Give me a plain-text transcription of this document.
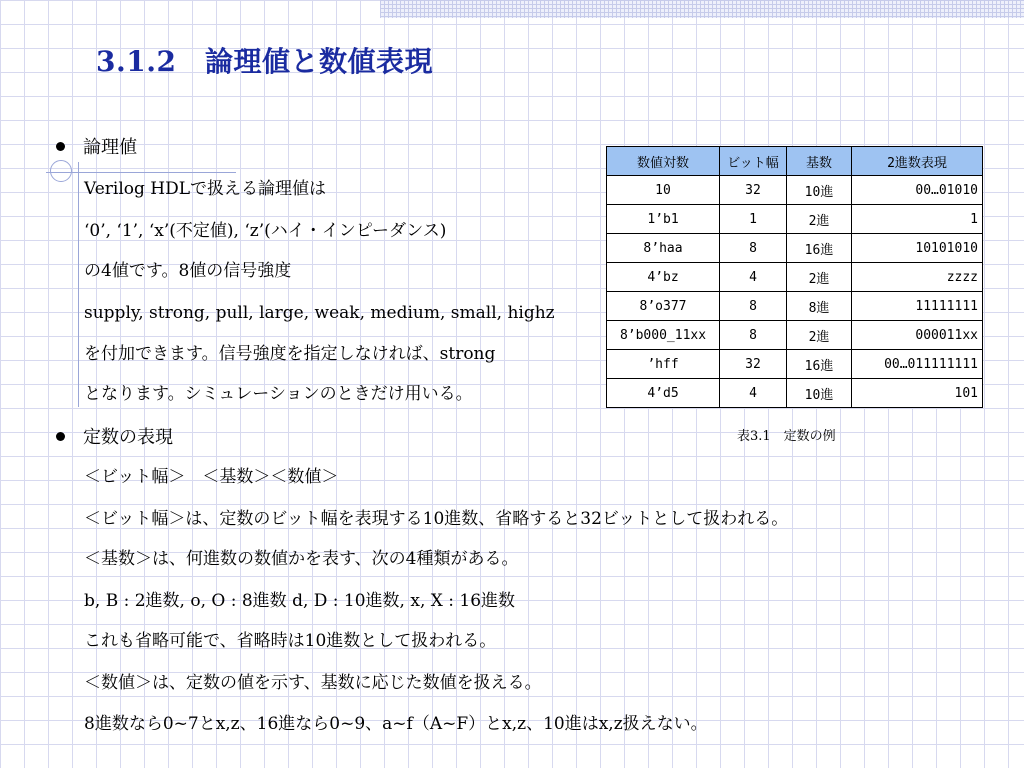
3.1.2　論理値と数値表現
論理値
Verilog HDLで扱える論理値は
‘0’, ‘1’, ‘x’(不定値), ‘z’(ハイ・インピーダンス)
の4値です。8値の信号強度
supply, strong, pull, large, weak, medium, small, highz
を付加できます。信号強度を指定しなければ、strong
となります。シミュレーションのときだけ用いる。
定数の表現
＜ビット幅＞　＜基数＞＜数値＞
＜ビット幅＞は、定数のビット幅を表現する10進数、省略すると32ビットとして扱われる。
＜基数＞は、何進数の数値かを表す、次の4種類がある。
b, B : 2進数, o, O : 8進数 d, D : 10進数, x, X : 16進数
これも省略可能で、省略時は10進数として扱われる。
＜数値＞は、定数の値を示す、基数に応じた数値を扱える。
8進数なら0~7とx,z、16進なら0~9、a~f（A~F）とx,z、10進はx,z扱えない。
数値対数	ビット幅	基数	2進数表現
10	32	10進	00…01010
1’b1	1	2進	1
8’haa	8	16進	10101010
4’bz	4	2進	zzzz
8’o377	8	8進	11111111
8’b000_11xx	8	2進	000011xx
’hff	32	16進	00…011111111
4’d5	4	10進	101
表3.1　定数の例
